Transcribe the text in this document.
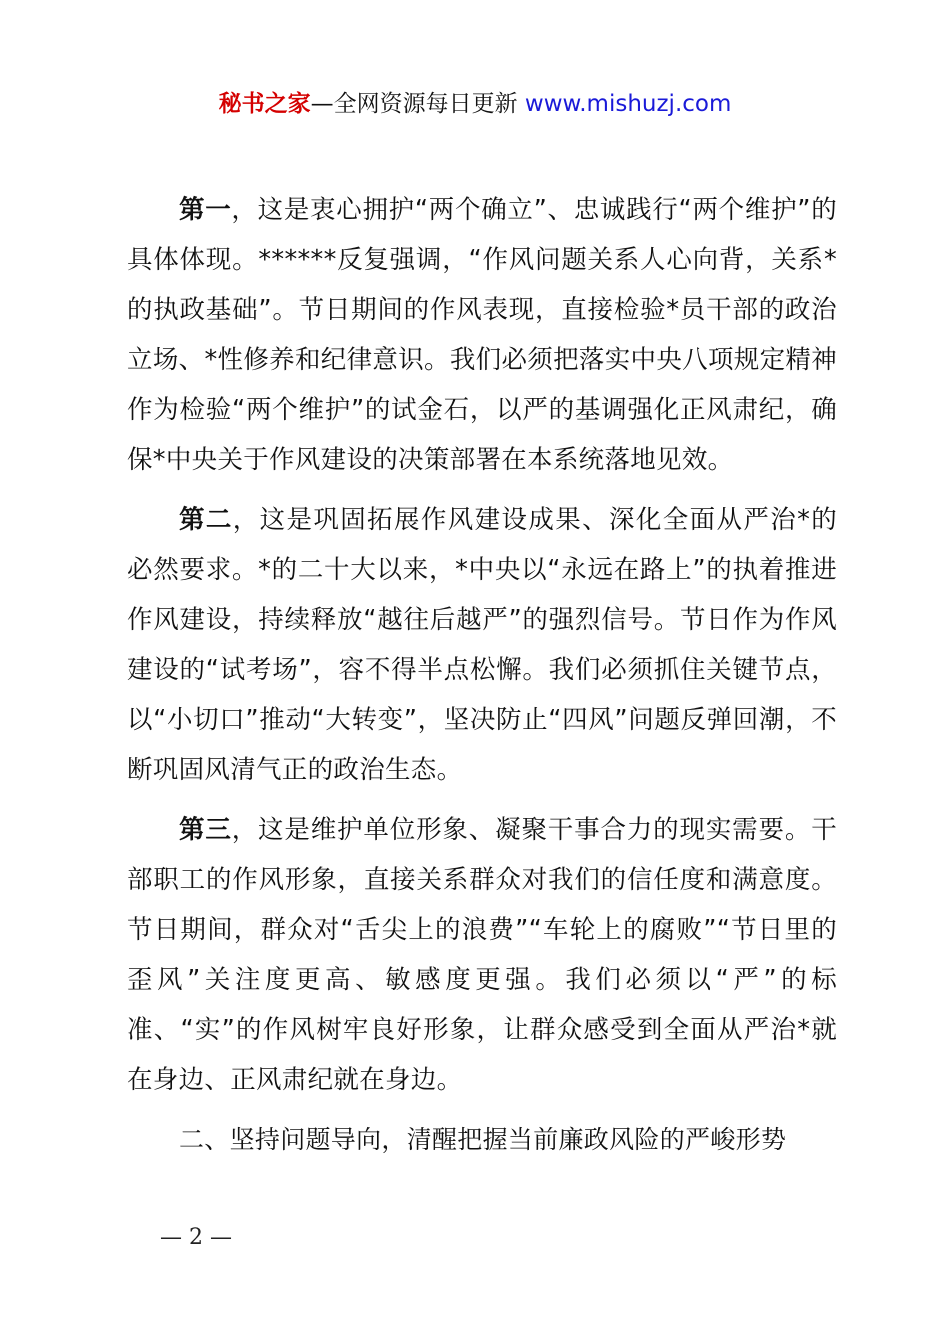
秘书之家—全网资源每日更新 www.mishuzj.com

第一，这是衷心拥护“两个确立”、忠诚践行“两个维护”的具体体现。******反复强调，“作风问题关系人心向背，关系*的执政基础”。节日期间的作风表现，直接检验*员干部的政治立场、*性修养和纪律意识。我们必须把落实中央八项规定精神作为检验“两个维护”的试金石，以严的基调强化正风肃纪，确保*中央关于作风建设的决策部署在本系统落地见效。

第二，这是巩固拓展作风建设成果、深化全面从严治*的必然要求。*的二十大以来，*中央以“永远在路上”的执着推进作风建设，持续释放“越往后越严”的强烈信号。节日作为作风建设的“试考场”，容不得半点松懈。我们必须抓住关键节点，以“小切口”推动“大转变”，坚决防止“四风”问题反弹回潮，不断巩固风清气正的政治生态。

第三，这是维护单位形象、凝聚干事合力的现实需要。干部职工的作风形象，直接关系群众对我们的信任度和满意度。节日期间，群众对“舌尖上的浪费”“车轮上的腐败”“节日里的歪风”关注度更高、敏感度更强。我们必须以“严”的标准、“实”的作风树牢良好形象，让群众感受到全面从严治*就在身边、正风肃纪就在身边。

二、坚持问题导向，清醒把握当前廉政风险的严峻形势

— 2 —
